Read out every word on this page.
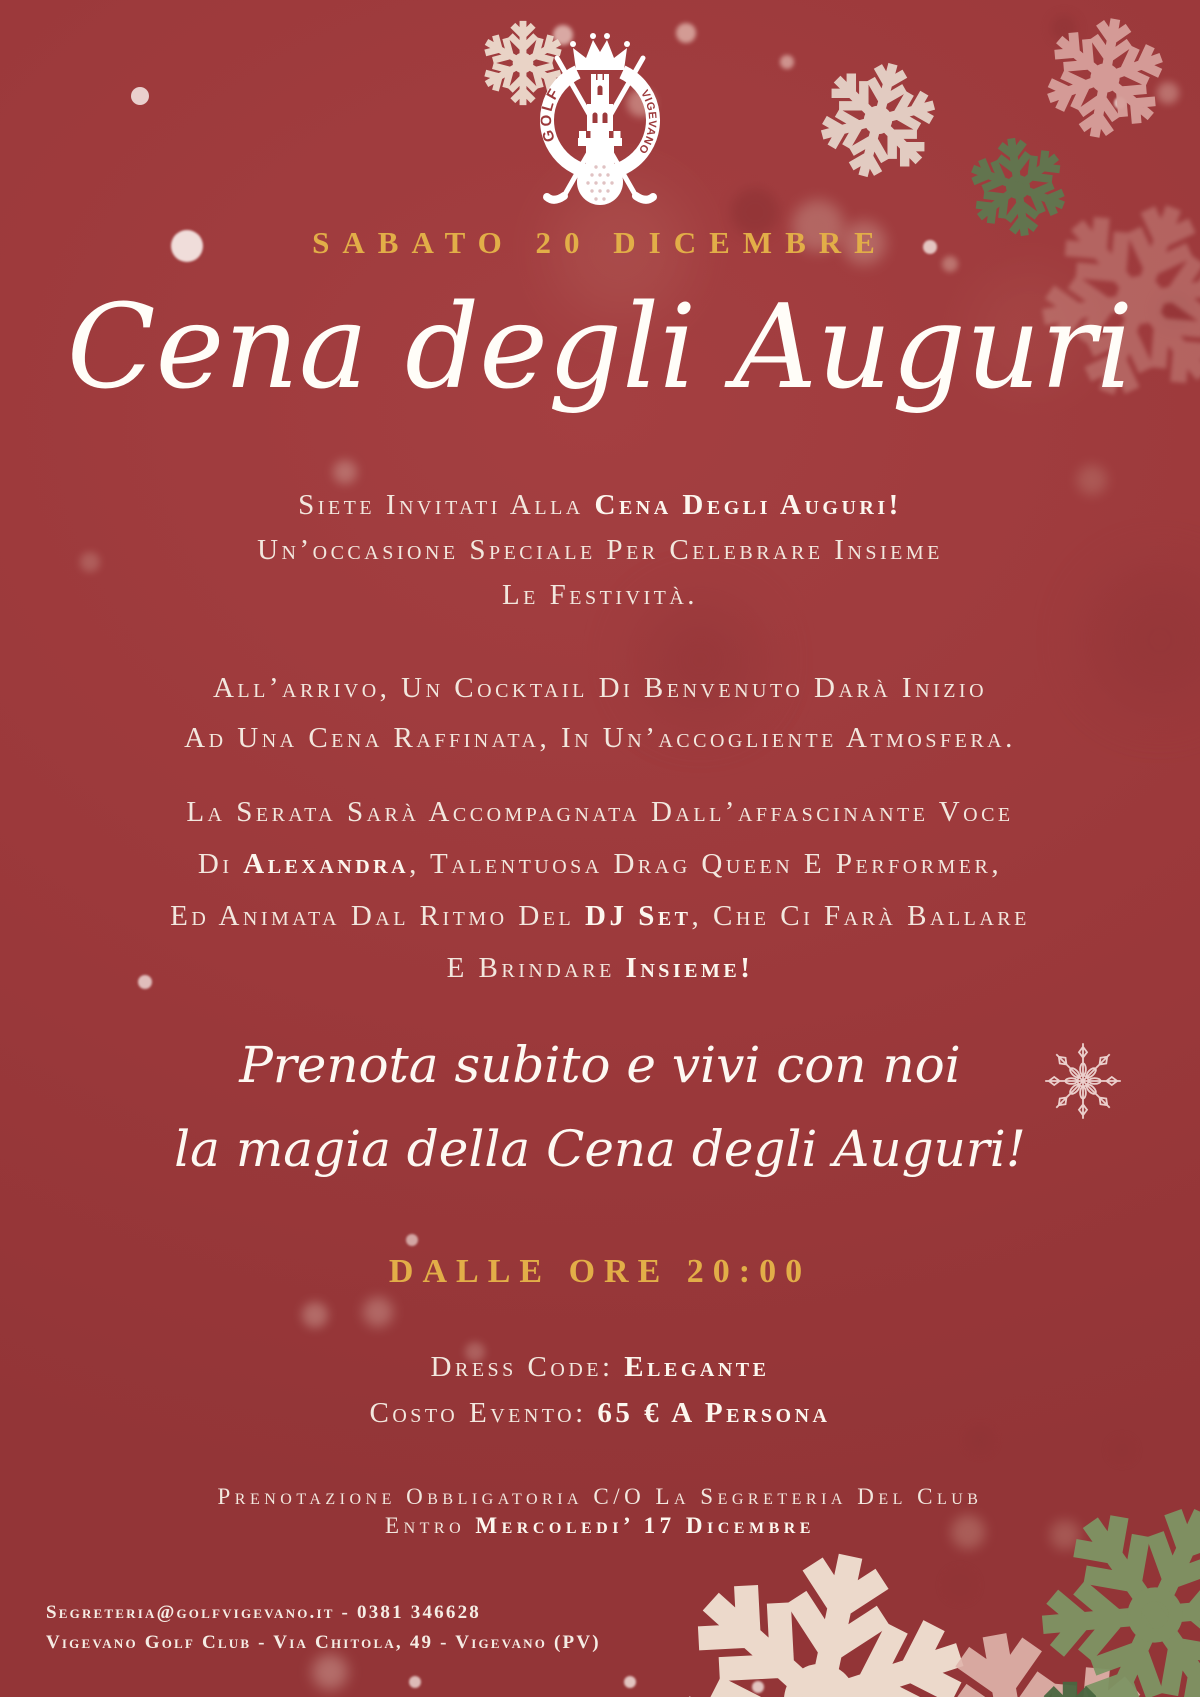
GOLF	VIGEVANO
SABATO 20 DICEMBRE
Cena degli Auguri

Siete Invitati Alla Cena Degli Auguri!
Un’occasione Speciale Per Celebrare Insieme
Le Festività.

All’arrivo, Un Cocktail Di Benvenuto Darà Inizio
Ad Una Cena Raffinata, In Un’accogliente Atmosfera.

La Serata Sarà Accompagnata Dall’affascinante Voce
Di Alexandra, Talentuosa Drag Queen E Performer,
Ed Animata Dal Ritmo Del DJ Set, Che Ci Farà Ballare
E Brindare Insieme!

Prenota subito e vivi con noi
la magia della Cena degli Auguri!
DALLE ORE 20:00
Dress Code: Elegante
Costo Evento: 65 € A Persona
Prenotazione Obbligatoria C/O La Segreteria Del Club
Entro Mercoledi’ 17 Dicembre
Segreteria@golfvigevano.it - 0381 346628
Vigevano Golf Club - Via Chitola, 49 - Vigevano (PV)
